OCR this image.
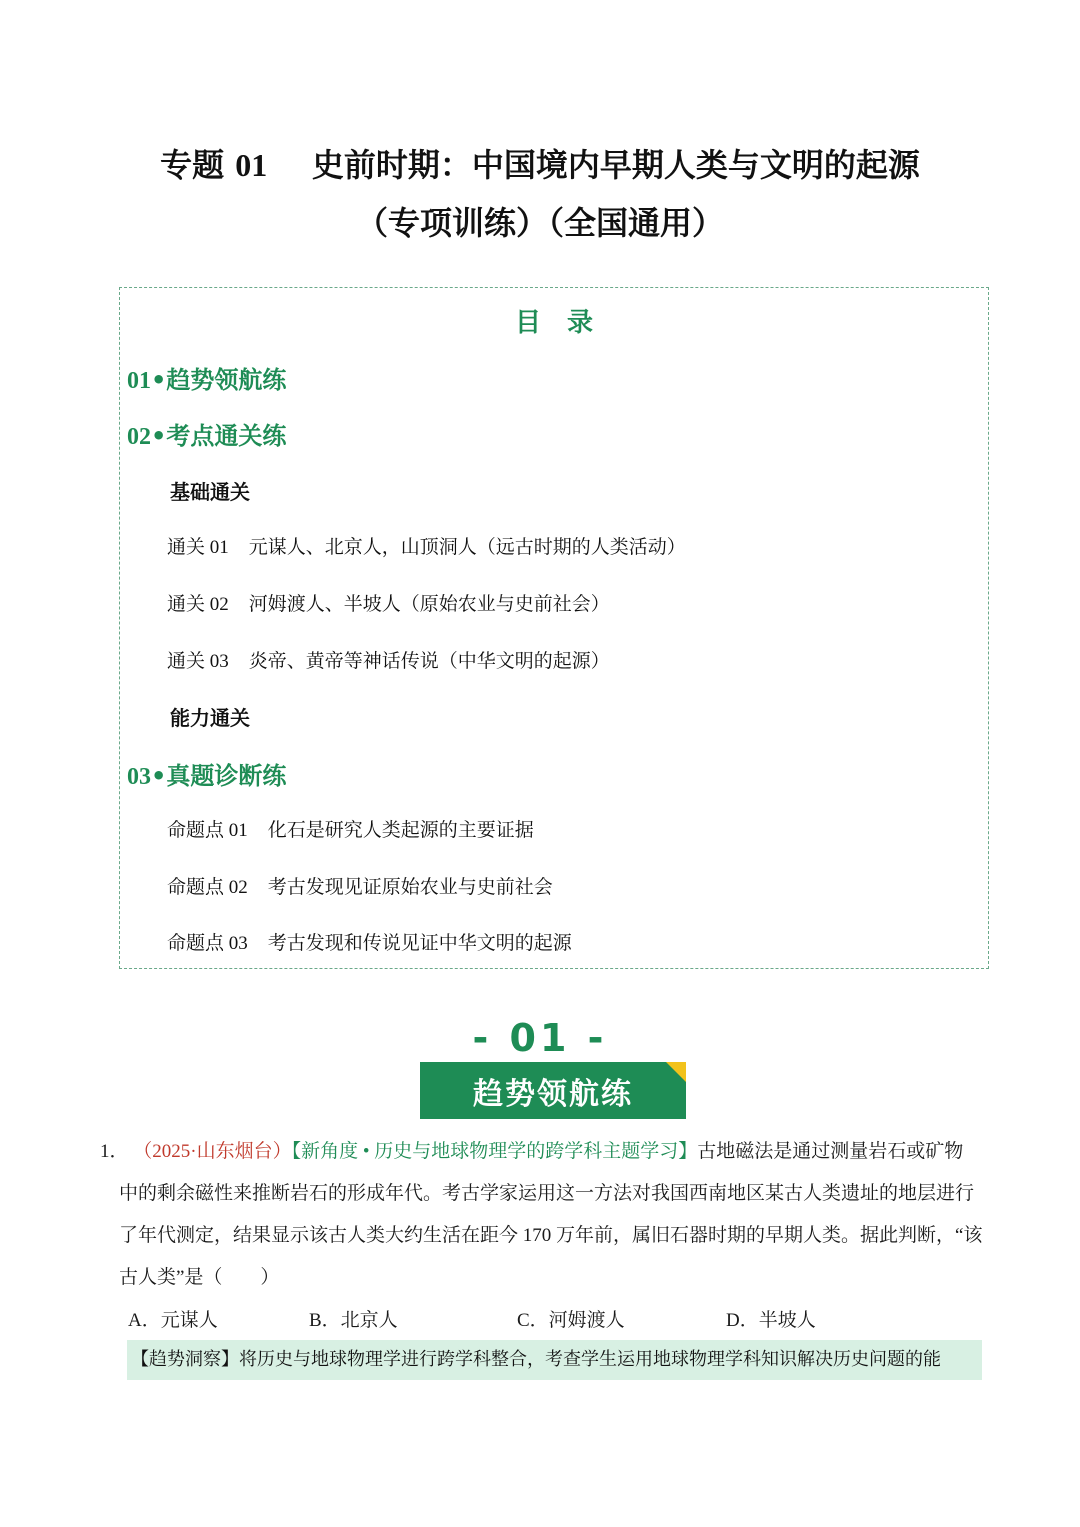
专题 01 史前时期：中国境内早期人类与文明的起源
（专项训练）（全国通用）
目录
01•趋势领航练
02•考点通关练
基础通关
通关 01 元谋人、北京人，山顶洞人（远古时期的人类活动）
通关 02 河姆渡人、半坡人（原始农业与史前社会）
通关 03 炎帝、黄帝等神话传说（中华文明的起源）
能力通关
03•真题诊断练
命题点 01 化石是研究人类起源的主要证据
命题点 02 考古发现见证原始农业与史前社会
命题点 03 考古发现和传说见证中华文明的起源
- 01 -
趋势领航练
1． （2025·山东烟台）【新角度 • 历史与地球物理学的跨学科主题学习】古地磁法是通过测量岩石或矿物
中的剩余磁性来推断岩石的形成年代。考古学家运用这一方法对我国西南地区某古人类遗址的地层进行
了年代测定，结果显示该古人类大约生活在距今 170 万年前，属旧石器时期的早期人类。据此判断，“该
古人类”是（　　）
A．元谋人	B．北京人	C．河姆渡人	D．半坡人
【趋势洞察】将历史与地球物理学进行跨学科整合，考查学生运用地球物理学科知识解决历史问题的能
